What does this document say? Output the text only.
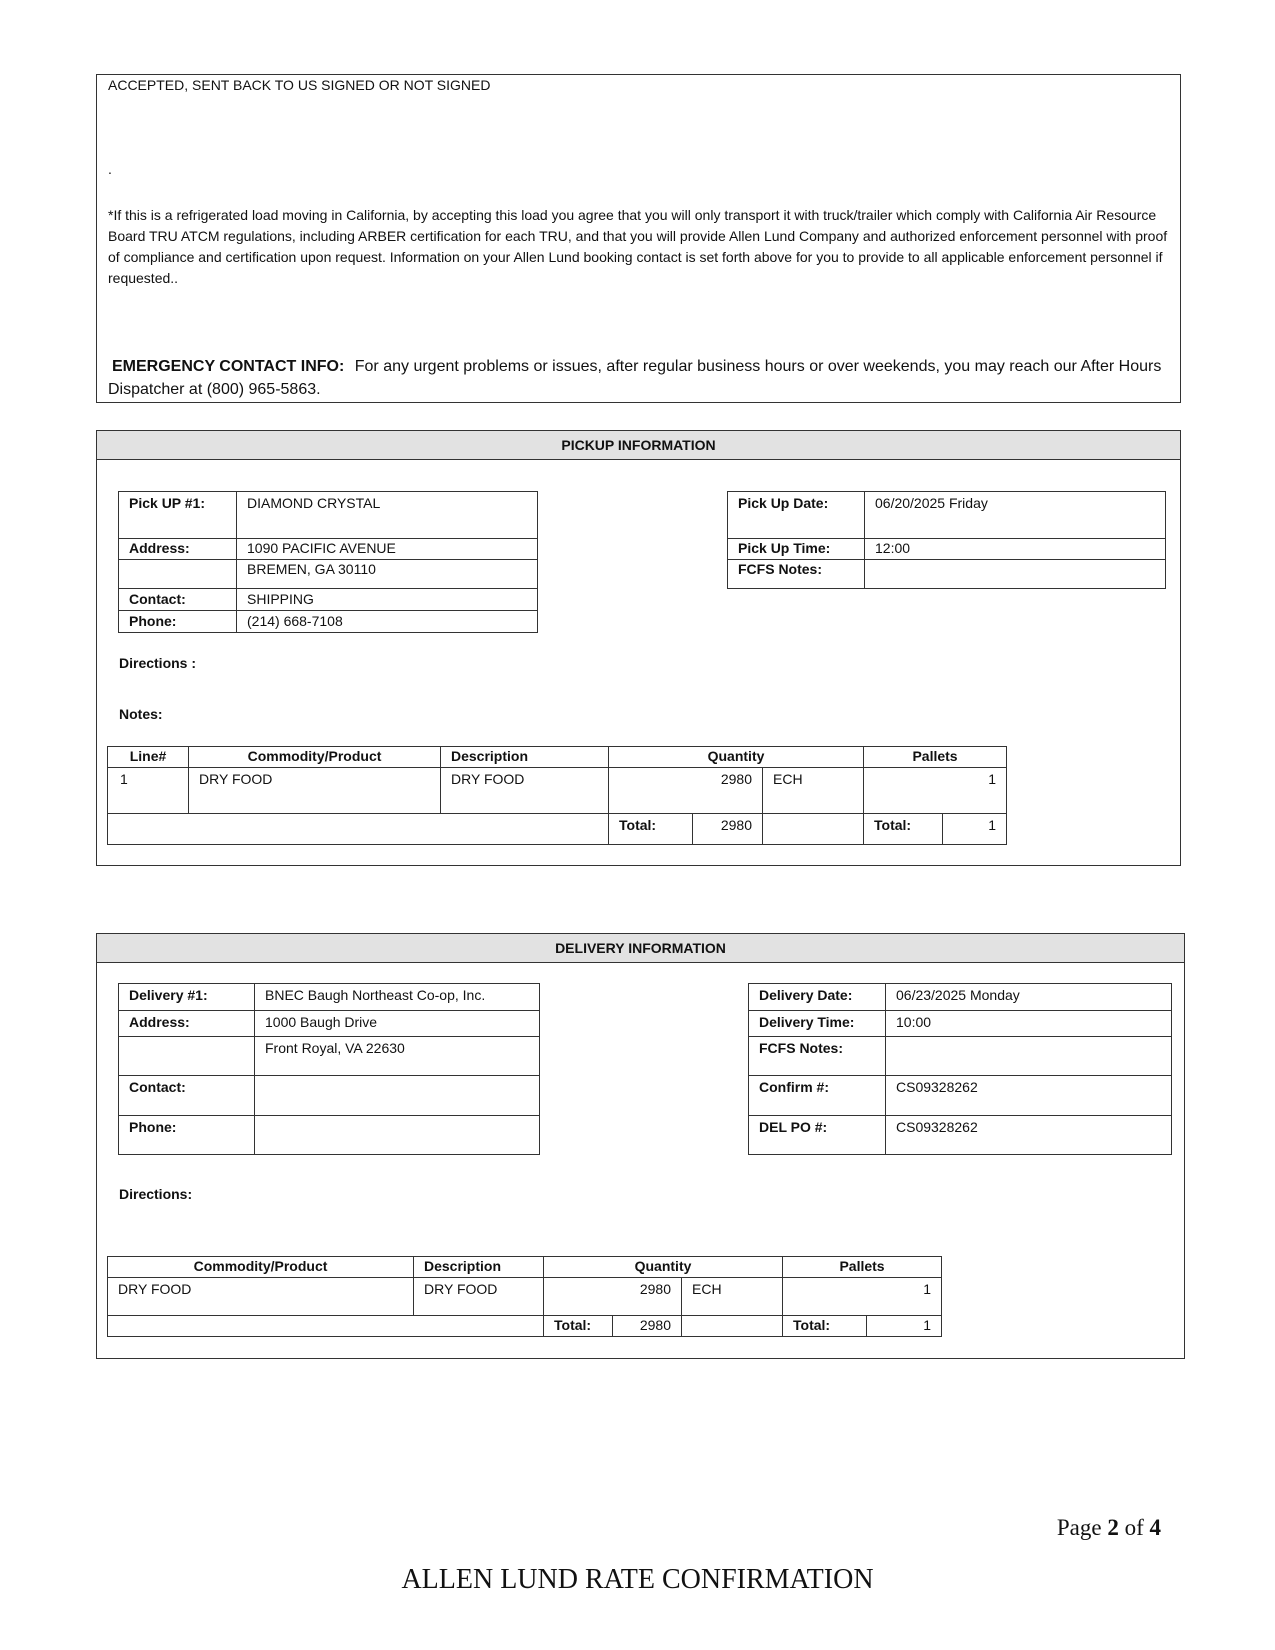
ACCEPTED, SENT BACK TO US SIGNED OR NOT SIGNED
.

*If this is a refrigerated load moving in California, by accepting this load you agree that you will only transport it with truck/trailer which comply with California Air Resource Board TRU ATCM regulations, including ARBER certification for each TRU, and that you will provide Allen Lund Company and authorized enforcement personnel with proof of compliance and certification upon request. Information on your Allen Lund booking contact is set forth above for you to provide to all applicable enforcement personnel if requested..

EMERGENCY CONTACT INFO: For any urgent problems or issues, after regular business hours or over weekends, you may reach our After Hours Dispatcher at (800) 965-5863.
PICKUP INFORMATION
Pick UP #1:	DIAMOND CRYSTAL
Address:	1090 PACIFIC AVENUE
	BREMEN, GA 30110
Contact:	SHIPPING
Phone:	(214) 668-7108
Pick Up Date:	06/20/2025 Friday
Pick Up Time:	12:00
FCFS Notes:	
Directions :
Notes:
Line#	Commodity/Product	Description	Quantity			Pallets	
1	DRY FOOD	DRY FOOD	2980		ECH	1	
			Total:	2980		Total:	1
DELIVERY INFORMATION
Delivery #1:	BNEC Baugh Northeast Co-op, Inc.
Address:	1000 Baugh Drive
	Front Royal, VA 22630
Contact:	
Phone:	
Delivery Date:	06/23/2025 Monday
Delivery Time:	10:00
FCFS Notes:	
Confirm #:	CS09328262
DEL PO #:	CS09328262
Directions:
Commodity/Product	Description	Quantity			Pallets	
DRY FOOD	DRY FOOD	2980		ECH	1	
		Total:	2980		Total:	1
Page 2 of 4
ALLEN LUND RATE CONFIRMATION
